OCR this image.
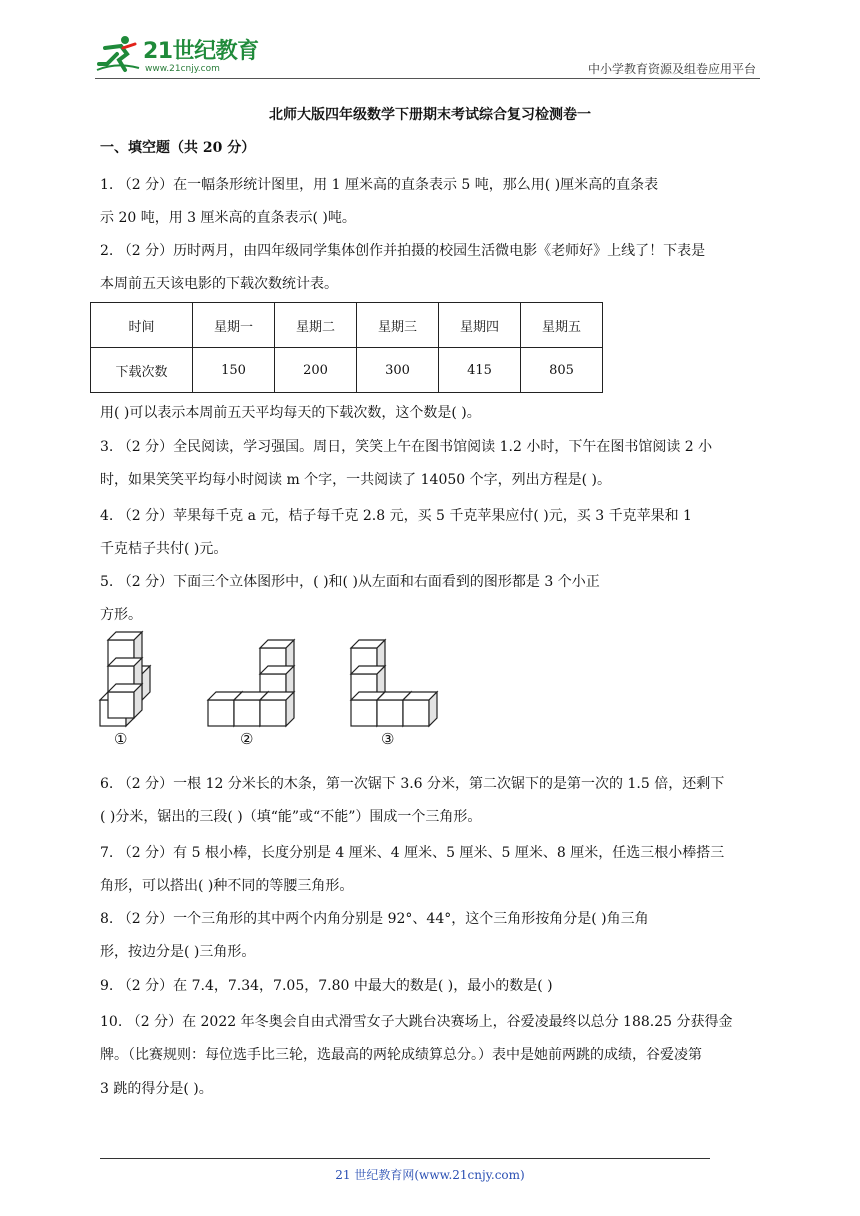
21世纪教育
www.21cnjy.com	中小学教育资源及组卷应用平台
北师大版四年级数学下册期末考试综合复习检测卷一
一、填空题（共 20 分）
1. （2 分）在一幅条形统计图里，用 1 厘米高的直条表示 5 吨，那么用( )厘米高的直条表
示 20 吨，用 3 厘米高的直条表示( )吨。
2. （2 分）历时两月，由四年级同学集体创作并拍摄的校园生活微电影《老师好》上线了！下表是
本周前五天该电影的下载次数统计表。
时间	星期一	星期二	星期三	星期四	星期五
下载次数	150	200	300	415	805
用( )可以表示本周前五天平均每天的下载次数，这个数是( )。
3. （2 分）全民阅读，学习强国。周日，笑笑上午在图书馆阅读 1.2 小时，下午在图书馆阅读 2 小
时，如果笑笑平均每小时阅读 m 个字，一共阅读了 14050 个字，列出方程是( )。
4. （2 分）苹果每千克 a 元，桔子每千克 2.8 元，买 5 千克苹果应付( )元，买 3 千克苹果和 1
千克桔子共付( )元。
5. （2 分）下面三个立体图形中，( )和( )从左面和右面看到的图形都是 3 个小正
方形。
①	②	③
6. （2 分）一根 12 分米长的木条，第一次锯下 3.6 分米，第二次锯下的是第一次的 1.5 倍，还剩下
( )分米，锯出的三段( )（填“能”或“不能”）围成一个三角形。
7. （2 分）有 5 根小棒，长度分别是 4 厘米、4 厘米、5 厘米、5 厘米、8 厘米，任选三根小棒搭三
角形，可以搭出( )种不同的等腰三角形。
8. （2 分）一个三角形的其中两个内角分别是 92°、44°，这个三角形按角分是( )角三角
形，按边分是( )三角形。
9. （2 分）在 7.4，7.34，7.05，7.80 中最大的数是( )，最小的数是( )
10. （2 分）在 2022 年冬奥会自由式滑雪女子大跳台决赛场上，谷爱凌最终以总分 188.25 分获得金
牌。（比赛规则：每位选手比三轮，选最高的两轮成绩算总分。）表中是她前两跳的成绩，谷爱凌第
3 跳的得分是( )。
21 世纪教育网(www.21cnjy.com)
